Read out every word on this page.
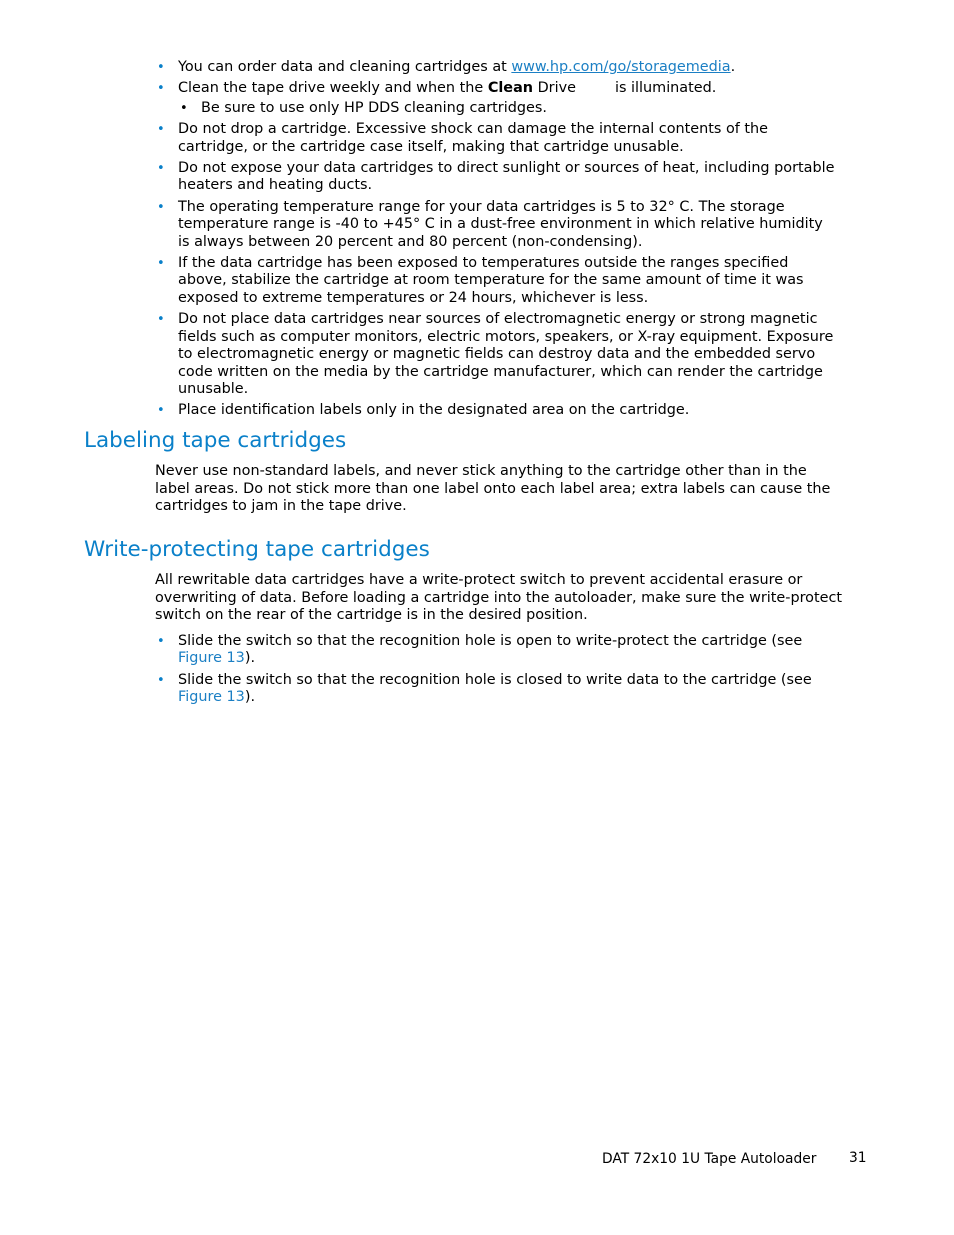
• You can order data and cleaning cartridges at www.hp.com/go/storagemedia.
• Clean the tape drive weekly and when the Clean Drive	is illuminated.
• Be sure to use only HP DDS cleaning cartridges.
• Do not drop a cartridge. Excessive shock can damage the internal contents of the cartridge, or the cartridge case itself, making that cartridge unusable.
• Do not expose your data cartridges to direct sunlight or sources of heat, including portable heaters and heating ducts.
• The operating temperature range for your data cartridges is 5 to 32° C. The storage temperature range is -40 to +45° C in a dust-free environment in which relative humidity is always between 20 percent and 80 percent (non-condensing).
• If the data cartridge has been exposed to temperatures outside the ranges specified above, stabilize the cartridge at room temperature for the same amount of time it was exposed to extreme temperatures or 24 hours, whichever is less.
• Do not place data cartridges near sources of electromagnetic energy or strong magnetic fields such as computer monitors, electric motors, speakers, or X-ray equipment. Exposure to electromagnetic energy or magnetic fields can destroy data and the embedded servo code written on the media by the cartridge manufacturer, which can render the cartridge unusable.
• Place identification labels only in the designated area on the cartridge.
Labeling tape cartridges

Never use non-standard labels, and never stick anything to the cartridge other than in the label areas. Do not stick more than one label onto each label area; extra labels can cause the cartridges to jam in the tape drive.

Write-protecting tape cartridges

All rewritable data cartridges have a write-protect switch to prevent accidental erasure or overwriting of data. Before loading a cartridge into the autoloader, make sure the write-protect switch on the rear of the cartridge is in the desired position.

• Slide the switch so that the recognition hole is open to write-protect the cartridge (see Figure 13).
• Slide the switch so that the recognition hole is closed to write data to the cartridge (see Figure 13).
DAT 72x10 1U Tape Autoloader 31
